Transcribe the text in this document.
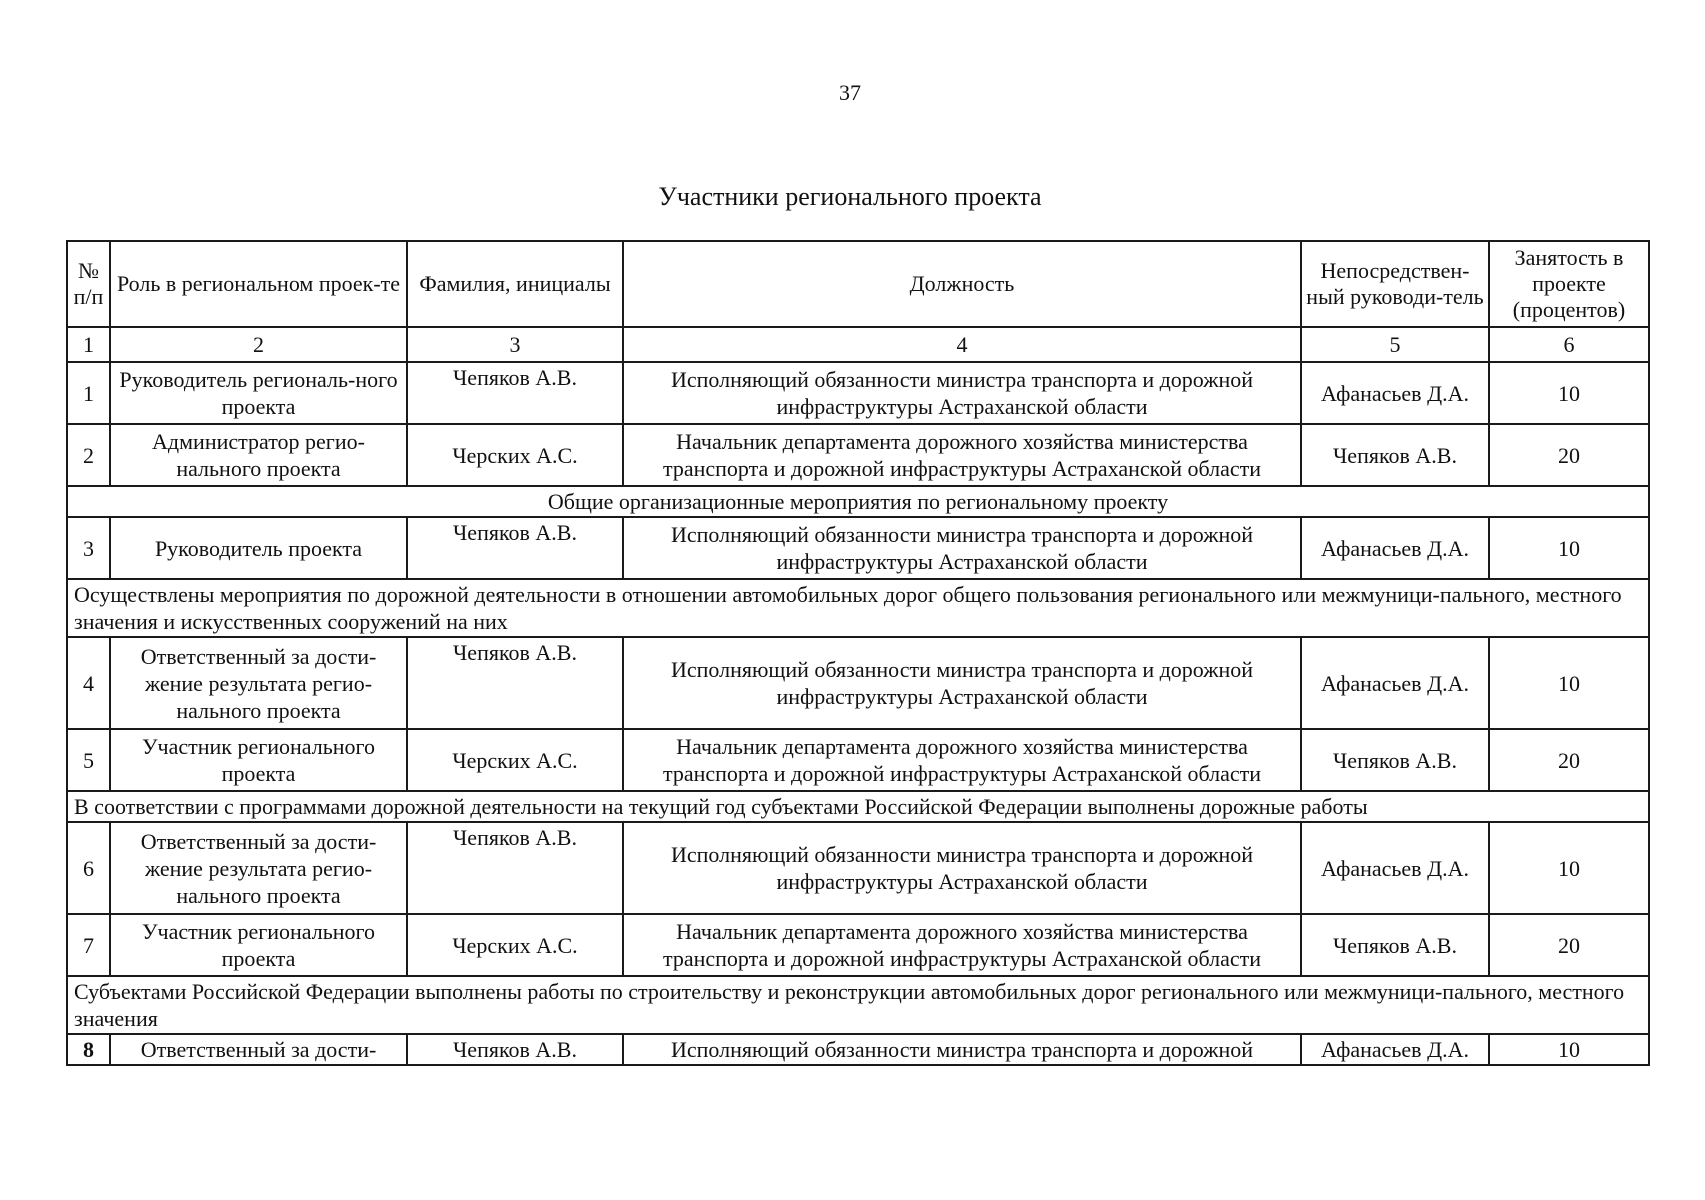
37
Участники регионального проекта
№ п/п	Роль в региональном проек-те	Фамилия, инициалы	Должность	Непосредствен-ный руководи-тель	Занятость в проекте (процентов)
1	2	3	4	5	6
1	Руководитель региональ-ного проекта	Чепяков А.В.	Исполняющий обязанности министра транспорта и дорожной инфраструктуры Астраханской области	Афанасьев Д.А.	10
2	Администратор регио-нального проекта	Черских А.С.	Начальник департамента дорожного хозяйства министерства транспорта и дорожной инфраструктуры Астраханской области	Чепяков А.В.	20
Общие организационные мероприятия по региональному проекту					
3	Руководитель проекта	Чепяков А.В.	Исполняющий обязанности министра транспорта и дорожной инфраструктуры Астраханской области	Афанасьев Д.А.	10
Осуществлены мероприятия по дорожной деятельности в отношении автомобильных дорог общего пользования регионального или межмуници-пального, местного значения и искусственных сооружений на них					
4	Ответственный за дости-жение результата регио-нального проекта	Чепяков А.В.	Исполняющий обязанности министра транспорта и дорожной инфраструктуры Астраханской области	Афанасьев Д.А.	10
5	Участник регионального проекта	Черских А.С.	Начальник департамента дорожного хозяйства министерства транспорта и дорожной инфраструктуры Астраханской области	Чепяков А.В.	20
В соответствии с программами дорожной деятельности на текущий год субъектами Российской Федерации выполнены дорожные работы					
6	Ответственный за дости-жение результата регио-нального проекта	Чепяков А.В.	Исполняющий обязанности министра транспорта и дорожной инфраструктуры Астраханской области	Афанасьев Д.А.	10
7	Участник регионального проекта	Черских А.С.	Начальник департамента дорожного хозяйства министерства транспорта и дорожной инфраструктуры Астраханской области	Чепяков А.В.	20
Субъектами Российской Федерации выполнены работы по строительству и реконструкции автомобильных дорог регионального или межмуници-пального, местного значения					
8	Ответственный за дости-	Чепяков А.В.	Исполняющий обязанности министра транспорта и дорожной	Афанасьев Д.А.	10
